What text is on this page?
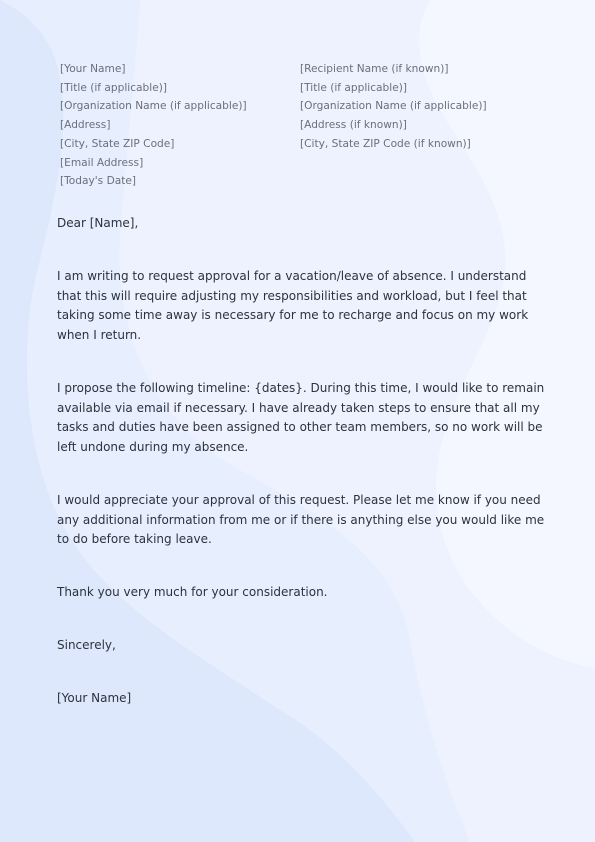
[Your Name]
[Title (if applicable)]
[Organization Name (if applicable)]
[Address]
[City, State ZIP Code]
[Email Address]
[Today's Date]
[Recipient Name (if known)]
[Title (if applicable)]
[Organization Name (if applicable)]
[Address (if known)]
[City, State ZIP Code (if known)]
Dear [Name],
I am writing to request approval for a vacation/leave of absence. I understand that this will require adjusting my responsibilities and workload, but I feel that taking some time away is necessary for me to recharge and focus on my work when I return.
I propose the following timeline: {dates}. During this time, I would like to remain available via email if necessary. I have already taken steps to ensure that all my tasks and duties have been assigned to other team members, so no work will be left undone during my absence.
I would appreciate your approval of this request. Please let me know if you need any additional information from me or if there is anything else you would like me to do before taking leave.
Thank you very much for your consideration.
Sincerely,
[Your Name]
